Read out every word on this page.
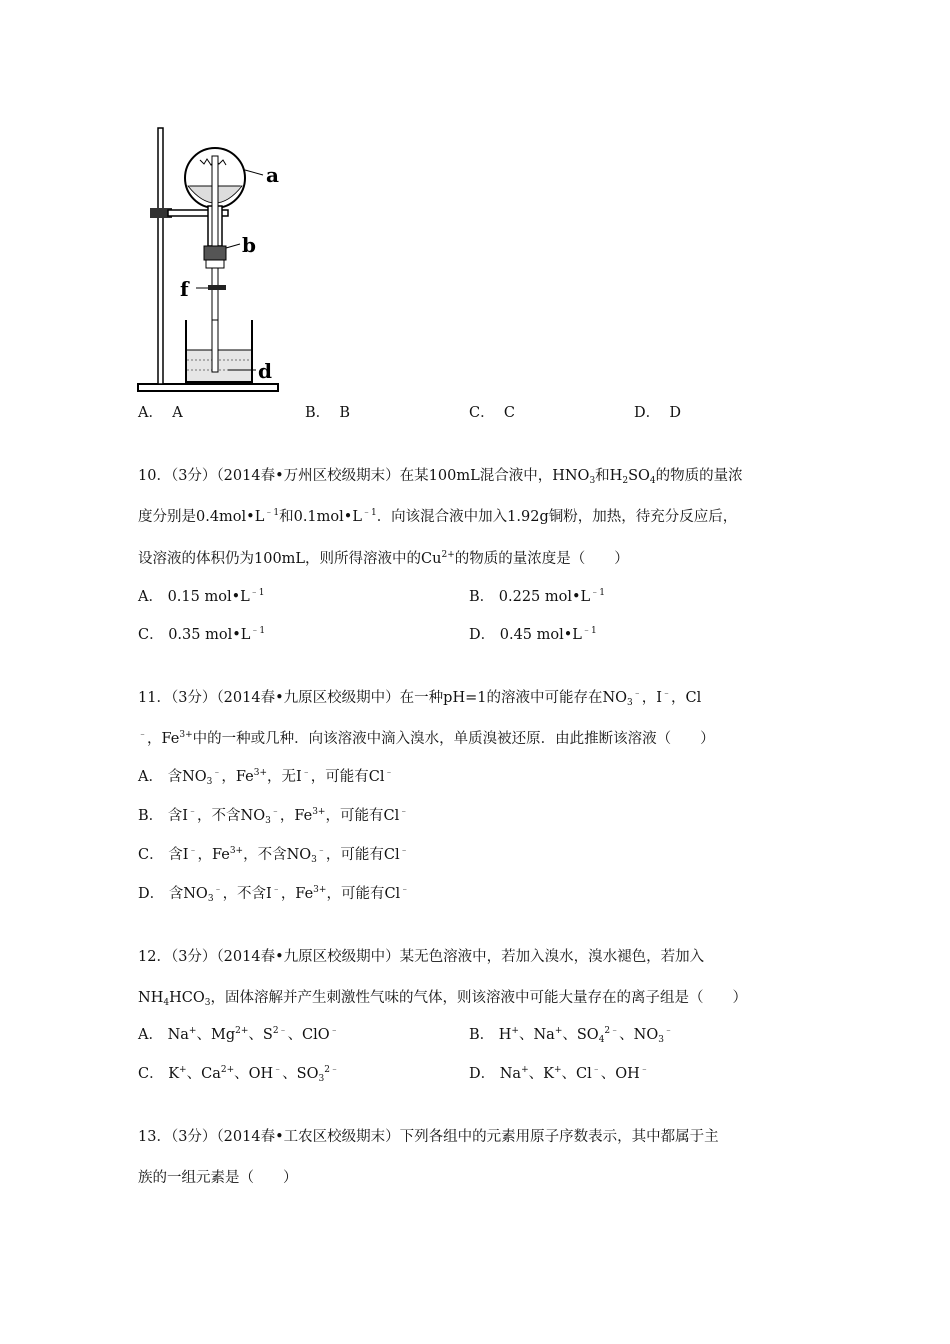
a
b
f
d
A． A	B． B	C． C	D． D
10．（3分）（2014春•万州区校级期末）在某100mL混合液中，$HNO_3$和$H_2SO_4$的物质的量浓
度分别是$0.4mol•L^{﹣1}$和$0.1mol•L^{﹣1}$．向该混合液中加入1.92g铜粉，加热，待充分反应后，
设溶液的体积仍为100mL，则所得溶液中的$Cu^{2+}$的物质的量浓度是（　　）
A． 0.15 $mol•L^{﹣1}$	B． 0.225 $mol•L^{﹣1}$
C． 0.35 $mol•L^{﹣1}$	D． 0.45 $mol•L^{﹣1}$
11．（3分）（2014春•九原区校级期中）在一种pH=1的溶液中可能存在$NO_3^﹣$，I﹣，Cl
﹣，$Fe^{3+}$中的一种或几种．向该溶液中滴入溴水，单质溴被还原．由此推断该溶液（　　）
A． 含$NO_3^﹣$，$Fe^{3+}$，无I﹣，可能有Cl﹣
B． 含I﹣，不含$NO_3^﹣$，$Fe^{3+}$，可能有Cl﹣
C． 含I﹣，$Fe^{3+}$，不含$NO_3^﹣$，可能有Cl﹣
D． 含$NO_3^﹣$，不含I﹣，$Fe^{3+}$，可能有Cl﹣
12．（3分）（2014春•九原区校级期中）某无色溶液中，若加入溴水，溴水褪色，若加入
$NH_4HCO_3$，固体溶解并产生刺激性气味的气体，则该溶液中可能大量存在的离子组是（　　）
A． Na+、$Mg^{2+}$、$S^{2﹣}$、ClO﹣	B． H+、Na+、$SO_4^{2﹣}$、$NO_3^﹣$
C． K+、$Ca^{2+}$、OH﹣、$SO_3^{2﹣}$	D． Na+、K+、Cl﹣、OH﹣
13．（3分）（2014春•工农区校级期末）下列各组中的元素用原子序数表示，其中都属于主
族的一组元素是（　　）
